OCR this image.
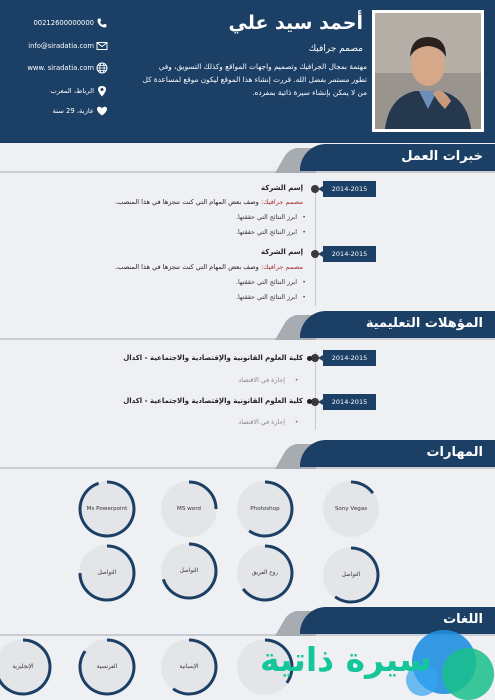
أحمد سيد علي
مصمم جرافيك
مهتمة بمجال الجرافيك وتصميم واجهات المواقع وكذلك التسويق، وفي تطور مستمر بفضل الله. قررت إنشاء هذا الموقع ليكون موقع لمساعدة كل من لا يمكن بإنشاء سيرة ذاتية بمفرده.
00212600000000
info@siradatia.com
www. siradatia.com
الرباط، المغرب
عازبة، 29 سنة
خبرات العمل
2014-2015
إسم الشركة
مصمم جرافيك: وصف بعض المهام التي كنت تنجزها في هذا المنصب.
ابرز النتائج التي حققتها. •
ابرز النتائج التي حققتها. •
2014-2015
إسم الشركة
مصمم جرافيك: وصف بعض المهام التي كنت تنجزها في هذا المنصب.
ابرز النتائج التي حققتها. •
ابرز النتائج التي حققتها. •
المؤهلات التعليمية
2014-2015
كلية العلوم القانونية والإقتصادية والاجتماعية - اكدال
إجازة في الاقتصاد •
2014-2015
كلية العلوم القانونية والإقتصادية والاجتماعية - اكدال
إجازة في الاقتصاد •
المهارات
Sony Vegas
Photoshop
MS word
Ms Powerpoint
التواصل
روح الفريق
التواصل
التواصل
اللغات
الإسبانية
الفرنسية
الإنجليزية	سيرة ذاتية
